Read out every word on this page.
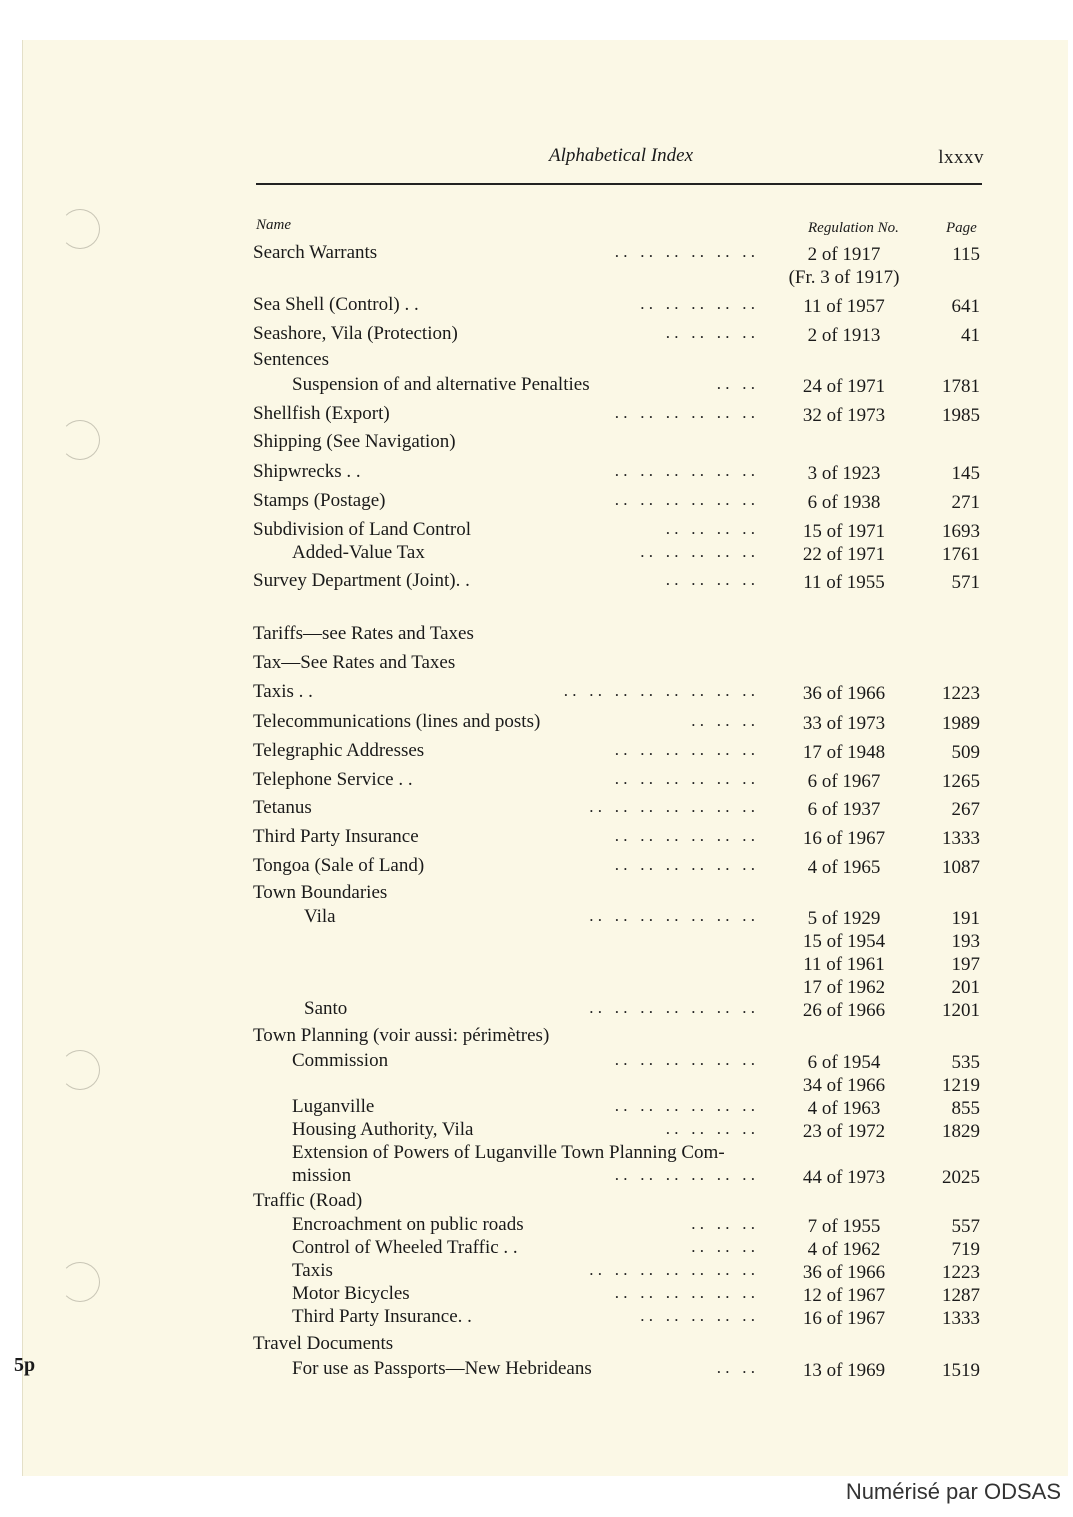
Alphabetical Index	lxxxv
Name	Regulation No.	Page
Search Warrants	. .   . .   . .   . .   . .   . .	2 of 1917	115
(Fr. 3 of 1917)
Sea Shell (Control) . .	. .   . .   . .   . .   . .	11 of 1957	641
Seashore, Vila (Protection)	. .   . .   . .   . .	2 of 1913	41
Sentences
Suspension of and alternative Penalties	. .   . .	24 of 1971	1781
Shellfish (Export)	. .   . .   . .   . .   . .   . .	32 of 1973	1985
Shipping (See Navigation)
Shipwrecks . .	. .   . .   . .   . .   . .   . .	3 of 1923	145
Stamps (Postage)	. .   . .   . .   . .   . .   . .	6 of 1938	271
Subdivision of Land Control	. .   . .   . .   . .	15 of 1971	1693
Added-Value Tax	. .   . .   . .   . .   . .	22 of 1971	1761
Survey Department (Joint). .	. .   . .   . .   . .	11 of 1955	571
Tariffs—see Rates and Taxes
Tax—See Rates and Taxes
Taxis . .	. .   . .   . .   . .   . .   . .   . .   . .	36 of 1966	1223
Telecommunications (lines and posts)	. .   . .   . .	33 of 1973	1989
Telegraphic Addresses	. .   . .   . .   . .   . .   . .	17 of 1948	509
Telephone Service . .	. .   . .   . .   . .   . .   . .	6 of 1967	1265
Tetanus	. .   . .   . .   . .   . .   . .   . .	6 of 1937	267
Third Party Insurance	. .   . .   . .   . .   . .   . .	16 of 1967	1333
Tongoa (Sale of Land)	. .   . .   . .   . .   . .   . .	4 of 1965	1087
Town Boundaries
Vila	. .   . .   . .   . .   . .   . .   . .	5 of 1929	191
15 of 1954	193
11 of 1961	197
17 of 1962	201
Santo	. .   . .   . .   . .   . .   . .   . .	26 of 1966	1201
Town Planning (voir aussi: périmètres)
Commission	. .   . .   . .   . .   . .   . .	6 of 1954	535
34 of 1966	1219
Luganville	. .   . .   . .   . .   . .   . .	4 of 1963	855
Housing Authority, Vila	. .   . .   . .   . .	23 of 1972	1829
Extension of Powers of Luganville Town Planning Com-
mission	. .   . .   . .   . .   . .   . .	44 of 1973	2025
Traffic (Road)
Encroachment on public roads	. .   . .   . .	7 of 1955	557
Control of Wheeled Traffic . .	. .   . .   . .	4 of 1962	719
Taxis	. .   . .   . .   . .   . .   . .   . .	36 of 1966	1223
Motor Bicycles	. .   . .   . .   . .   . .   . .	12 of 1967	1287
Third Party Insurance. .	. .   . .   . .   . .   . .	16 of 1967	1333
Travel Documents
For use as Passports—New Hebrideans	. .   . .	13 of 1969	1519
5p
Numérisé par ODSAS
